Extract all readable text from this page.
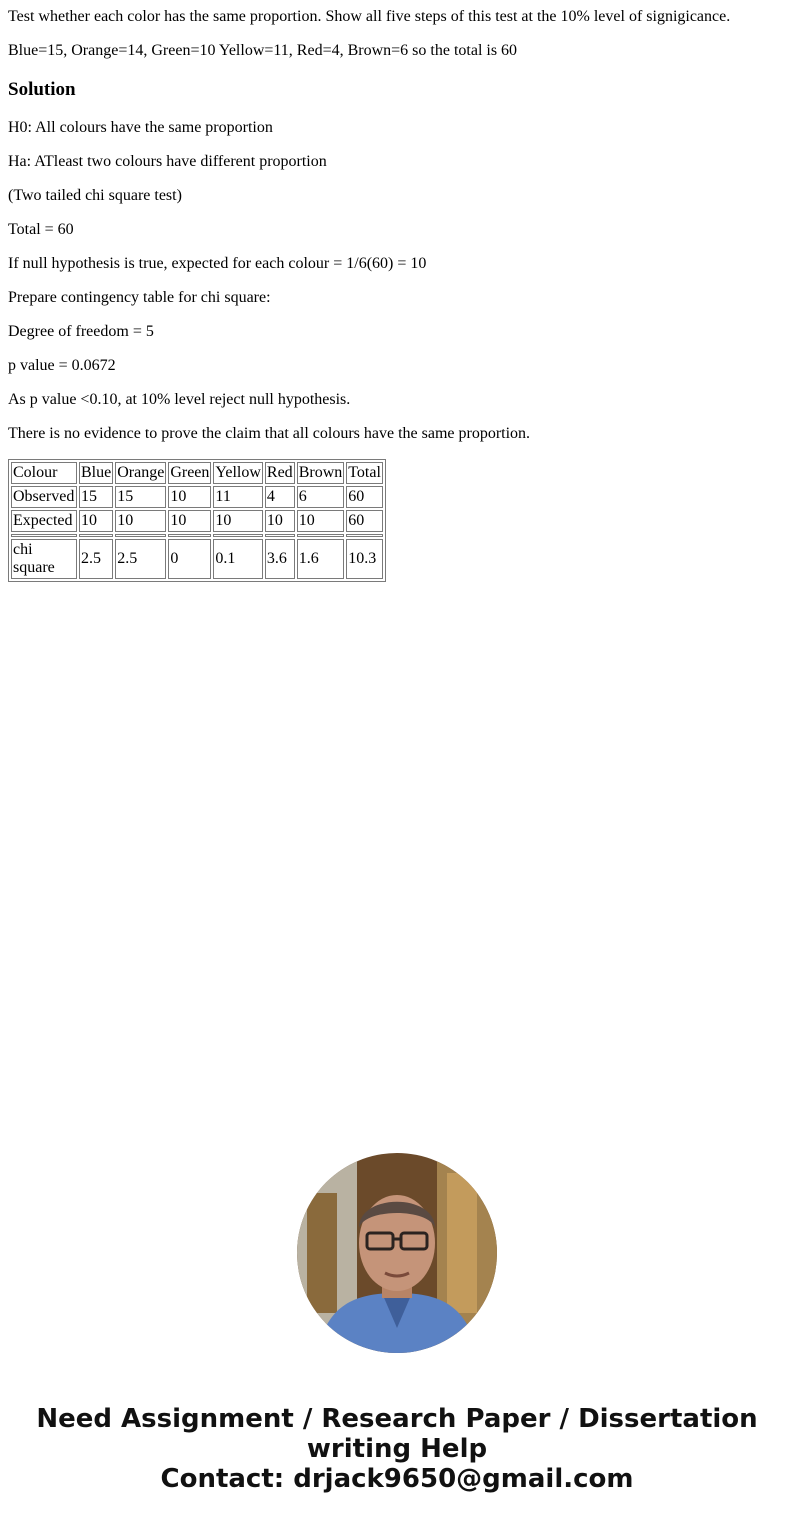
Test whether each color has the same proportion. Show all five steps of this test at the 10% level of signigicance.

Blue=15, Orange=14, Green=10 Yellow=11, Red=4, Brown=6 so the total is 60

Solution

H0: All colours have the same proportion

Ha: ATleast two colours have different proportion

(Two tailed chi square test)

Total = 60

If null hypothesis is true, expected for each colour = 1/6(60) = 10

Prepare contingency table for chi square:

Degree of freedom = 5

p value = 0.0672

As p value <0.10, at 10% level reject null hypothesis.

There is no evidence to prove the claim that all colours have the same proportion.

Colour	Blue	Orange	Green	Yellow	Red	Brown	Total
Observed	15	15	10	11	4	6	60
Expected	10	10	10	10	10	10	60

chi square	2.5	2.5	0	0.1	3.6	1.6	10.3
Need Assignment / Research Paper / Dissertation
writing Help
Contact: drjack9650@gmail.com
